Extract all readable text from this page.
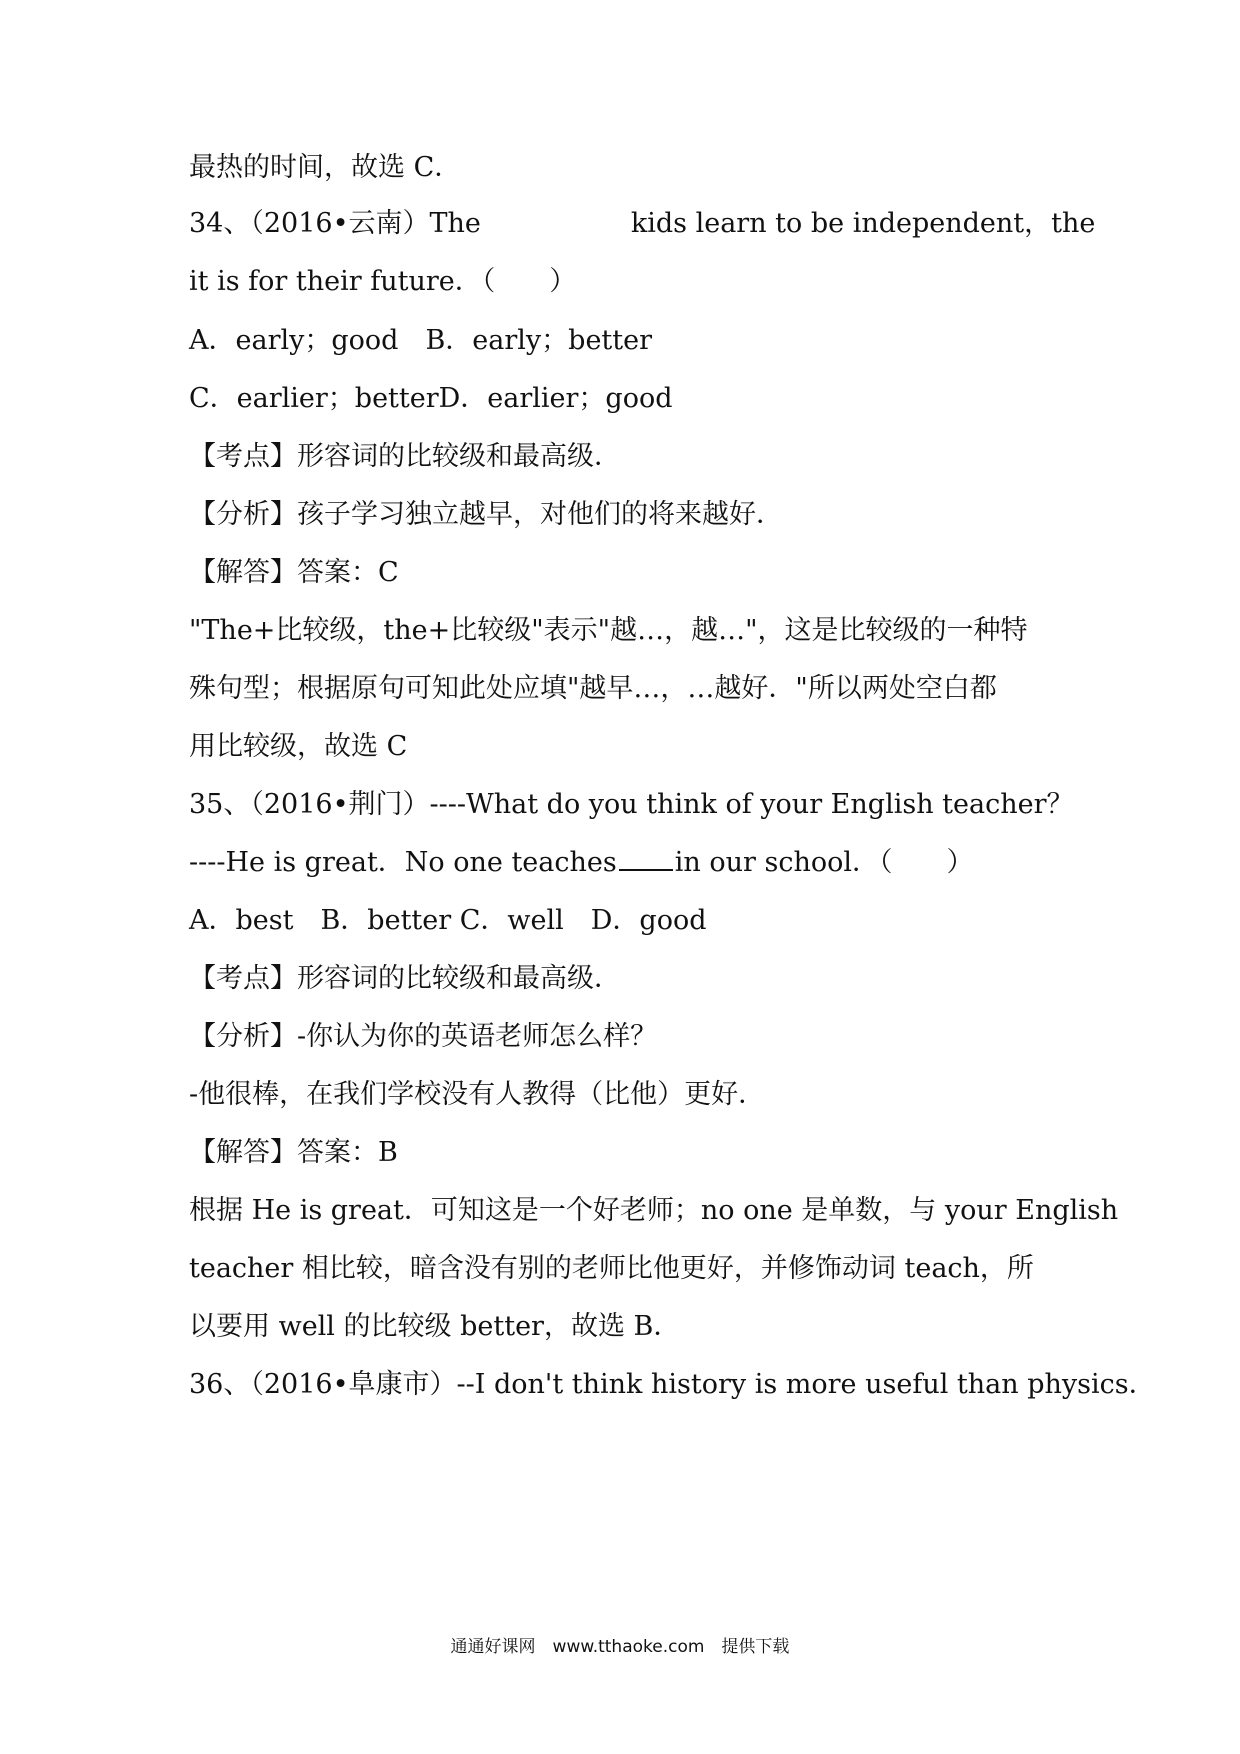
最热的时间，故选 C．
34、（2016•云南）The	kids learn to be independent，the
it is for their future．（　　）
A．early；good　B．early；better
C．earlier；betterD．earlier；good
【考点】形容词的比较级和最高级．
【分析】孩子学习独立越早，对他们的将来越好．
【解答】答案：C
"The+比较级，the+比较级"表示"越…，越…"，这是比较级的一种特
殊句型；根据原句可知此处应填"越早…，…越好．"所以两处空白都
用比较级，故选 C
35、（2016•荆门）----What do you think of your English teacher？
----He is great．No one teaches in our school．（　　）
A．best　B．better C．well　D．good
【考点】形容词的比较级和最高级．
【分析】-你认为你的英语老师怎么样？
-他很棒，在我们学校没有人教得（比他）更好．
【解答】答案：B
根据 He is great．可知这是一个好老师；no one 是单数，与 your English
teacher 相比较，暗含没有别的老师比他更好，并修饰动词 teach，所
以要用 well 的比较级 better，故选 B．
36、（2016•阜康市）--I don't think history is more useful than physics．
通通好课网　www.tthaoke.com　提供下载
